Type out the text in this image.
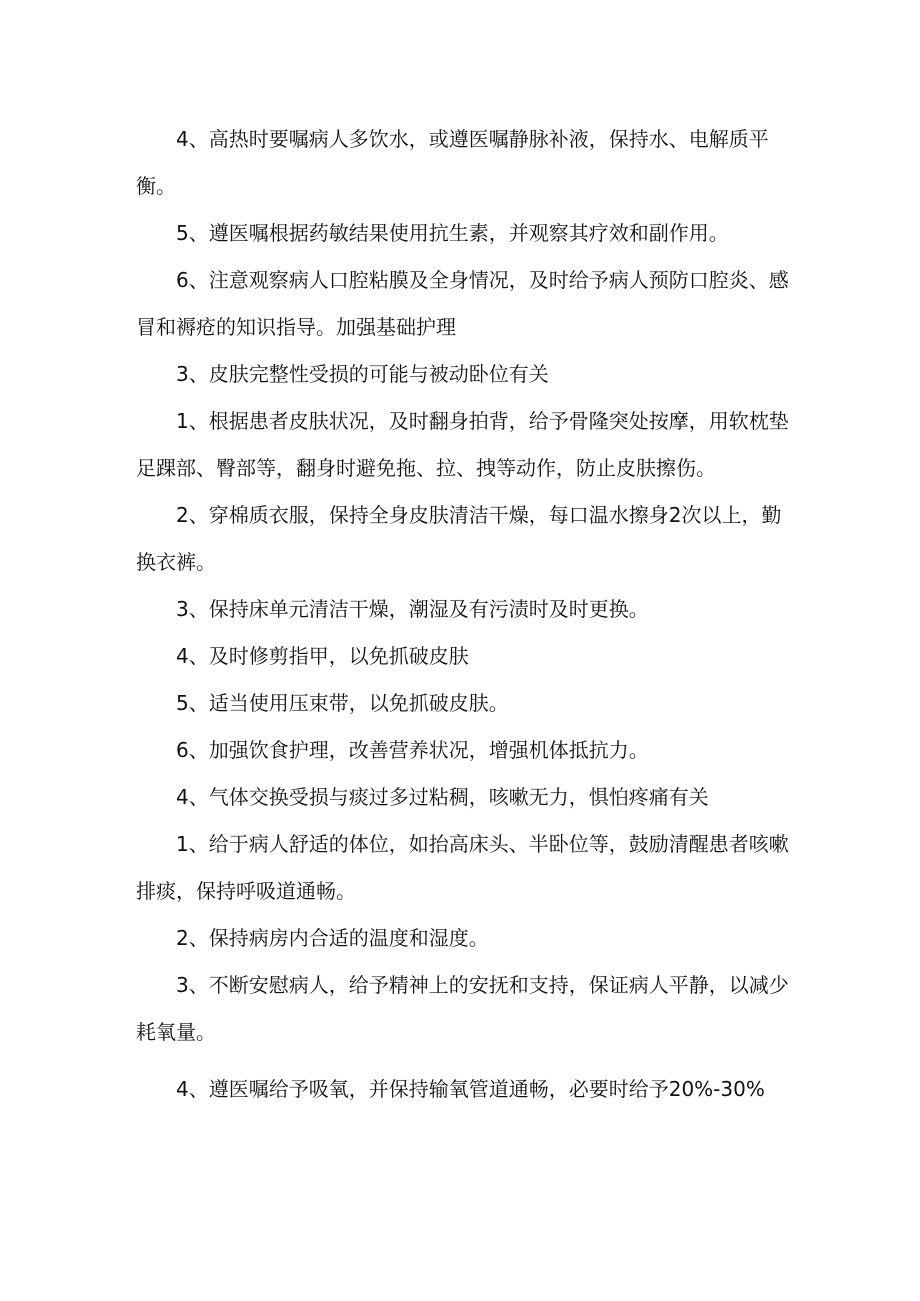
4、高热时要嘱病人多饮水，或遵医嘱静脉补液，保持水、电解质平衡。

5、遵医嘱根据药敏结果使用抗生素，并观察其疗效和副作用。

6、注意观察病人口腔粘膜及全身情况，及时给予病人预防口腔炎、感冒和褥疮的知识指导。加强基础护理

3、皮肤完整性受损的可能与被动卧位有关

1、根据患者皮肤状况，及时翻身拍背，给予骨隆突处按摩，用软枕垫足踝部、臀部等，翻身时避免拖、拉、拽等动作，防止皮肤擦伤。

2、穿棉质衣服，保持全身皮肤清洁干燥，每口温水擦身2次以上，勤换衣裤。

3、保持床单元清洁干燥，潮湿及有污渍时及时更换。

4、及时修剪指甲，以免抓破皮肤

5、适当使用压束带，以免抓破皮肤。

6、加强饮食护理，改善营养状况，增强机体抵抗力。

4、气体交换受损与痰过多过粘稠，咳嗽无力，惧怕疼痛有关

1、给于病人舒适的体位，如抬高床头、半卧位等，鼓励清醒患者咳嗽排痰，保持呼吸道通畅。

2、保持病房内合适的温度和湿度。

3、不断安慰病人，给予精神上的安抚和支持，保证病人平静，以减少耗氧量。

4、遵医嘱给予吸氧，并保持输氧管道通畅，必要时给予20%-30%
